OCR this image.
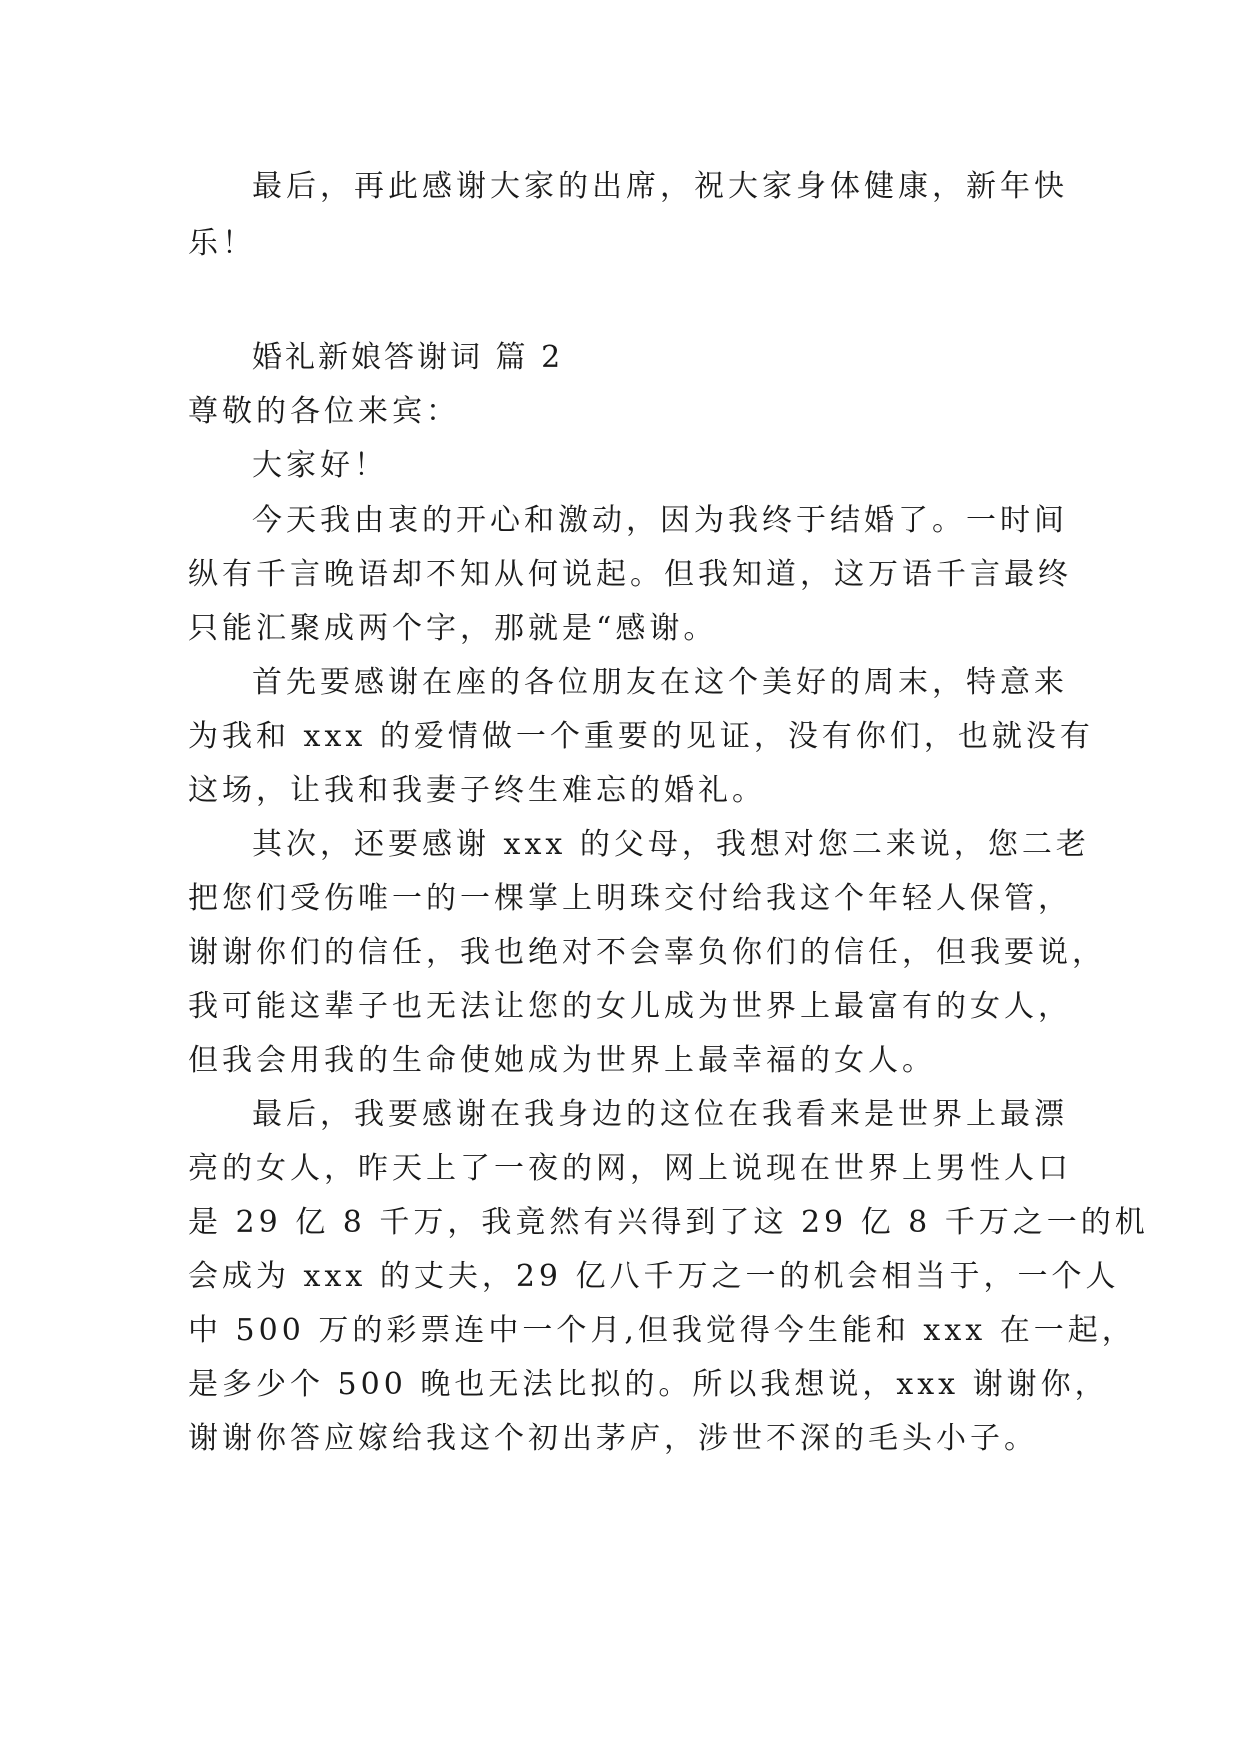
最后，再此感谢大家的出席，祝大家身体健康，新年快
乐！
婚礼新娘答谢词 篇 2
尊敬的各位来宾：
大家好！
今天我由衷的开心和激动，因为我终于结婚了。一时间
纵有千言晚语却不知从何说起。但我知道，这万语千言最终
只能汇聚成两个字，那就是“感谢。
首先要感谢在座的各位朋友在这个美好的周末，特意来
为我和 xxx 的爱情做一个重要的见证，没有你们，也就没有
这场，让我和我妻子终生难忘的婚礼。
其次，还要感谢 xxx 的父母，我想对您二来说，您二老
把您们受伤唯一的一棵掌上明珠交付给我这个年轻人保管，
谢谢你们的信任，我也绝对不会辜负你们的信任，但我要说，
我可能这辈子也无法让您的女儿成为世界上最富有的女人，
但我会用我的生命使她成为世界上最幸福的女人。
最后，我要感谢在我身边的这位在我看来是世界上最漂
亮的女人，昨天上了一夜的网，网上说现在世界上男性人口
是 29 亿 8 千万，我竟然有兴得到了这 29 亿 8 千万之一的机
会成为 xxx 的丈夫，29 亿八千万之一的机会相当于，一个人
中 500 万的彩票连中一个月,但我觉得今生能和 xxx 在一起，
是多少个 500 晚也无法比拟的。所以我想说，xxx 谢谢你，
谢谢你答应嫁给我这个初出茅庐，涉世不深的毛头小子。
